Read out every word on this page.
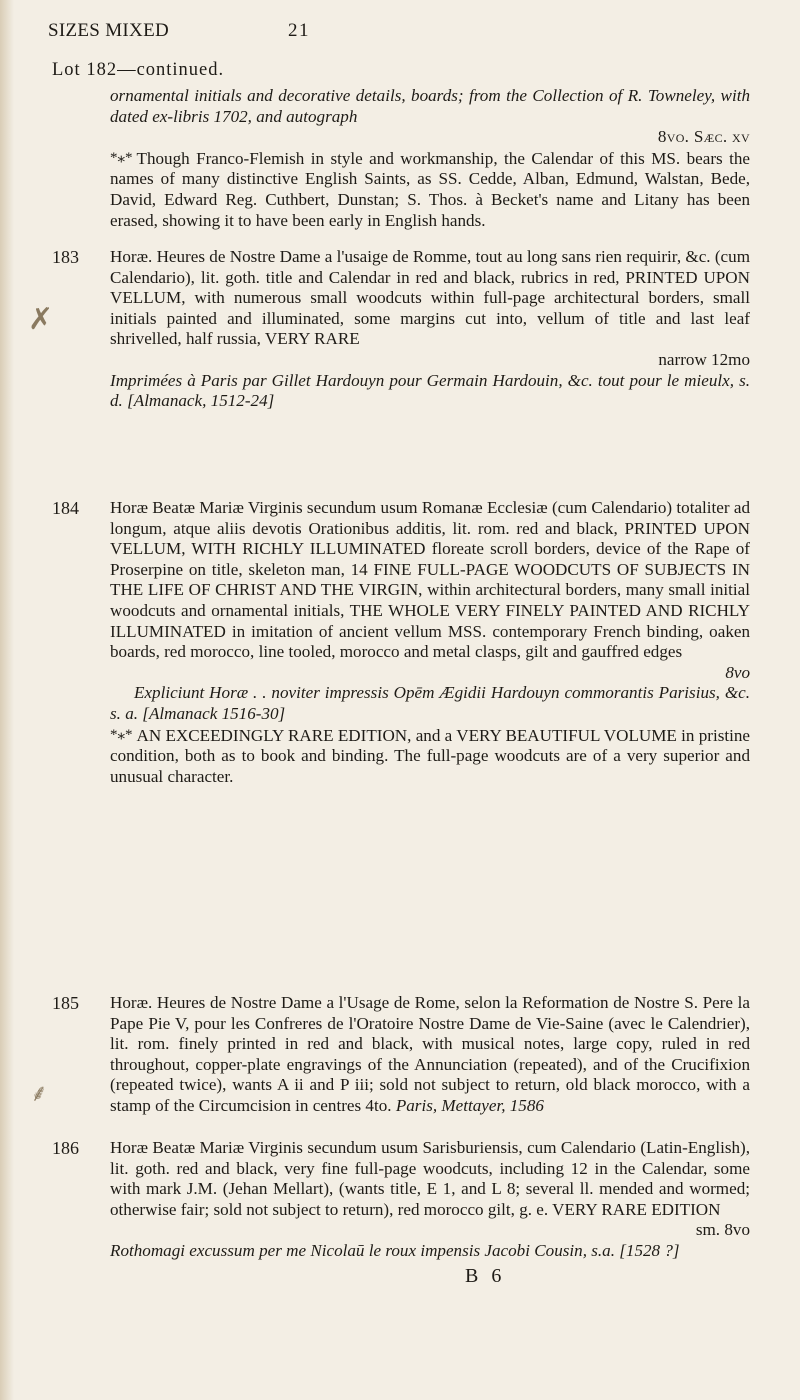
SIZES MIXED	21
Lot 182—continued.

ornamental initials and decorative details, boards; from the Collection of R. Towneley, with dated ex-libris 1702, and autograph

8vo. Sæc. xv

*⁎* Though Franco-Flemish in style and workmanship, the Calendar of this MS. bears the names of many distinctive English Saints, as SS. Cedde, Alban, Edmund, Walstan, Bede, David, Edward Reg. Cuthbert, Dunstan; S. Thos. à Becket's name and Litany has been erased, showing it to have been early in English hands.

183 Horæ. Heures de Nostre Dame a l'usaige de Romme, tout au long sans rien requirir, &c. (cum Calendario), lit. goth. title and Calendar in red and black, rubrics in red, PRINTED UPON VELLUM, with numerous small woodcuts within full-page architectural borders, small initials painted and illuminated, some margins cut into, vellum of title and last leaf shrivelled, half russia, VERY RARE

narrow 12mo

Imprimées à Paris par Gillet Hardouyn pour Germain Hardouin, &c. tout pour le mieulx, s. d. [Almanack, 1512-24]

184 Horæ Beatæ Mariæ Virginis secundum usum Romanæ Ecclesiæ (cum Calendario) totaliter ad longum, atque aliis devotis Orationibus additis, lit. rom. red and black, PRINTED UPON VELLUM, WITH RICHLY ILLUMINATED floreate scroll borders, device of the Rape of Proserpine on title, skeleton man, 14 FINE FULL-PAGE WOODCUTS OF SUBJECTS IN THE LIFE OF CHRIST AND THE VIRGIN, within architectural borders, many small initial woodcuts and ornamental initials, THE WHOLE VERY FINELY PAINTED AND RICHLY ILLUMINATED in imitation of ancient vellum MSS. contemporary French binding, oaken boards, red morocco, line tooled, morocco and metal clasps, gilt and gauffred edges

8vo

Expliciunt Horæ . . noviter impressis Opēm Ægidii Hardouyn commorantis Parisius, &c. s. a. [Almanack 1516-30]

*⁎* AN EXCEEDINGLY RARE EDITION, and a VERY BEAUTIFUL VOLUME in pristine condition, both as to book and binding. The full-page woodcuts are of a very superior and unusual character.

185 Horæ. Heures de Nostre Dame a l'Usage de Rome, selon la Reformation de Nostre S. Pere la Pape Pie V, pour les Confreres de l'Oratoire Nostre Dame de Vie-Saine (avec le Calendrier), lit. rom. finely printed in red and black, with musical notes, large copy, ruled in red throughout, copper-plate engravings of the Annunciation (repeated), and of the Crucifixion (repeated twice), wants A ii and P iii; sold not subject to return, old black morocco, with a stamp of the Circumcision in centres 4to. Paris, Mettayer, 1586

186 Horæ Beatæ Mariæ Virginis secundum usum Sarisburiensis, cum Calendario (Latin-English), lit. goth. red and black, very fine full-page woodcuts, including 12 in the Calendar, some with mark J.M. (Jehan Mellart), (wants title, E 1, and L 8; several ll. mended and wormed; otherwise fair; sold not subject to return), red morocco gilt, g. e. VERY RARE EDITION

sm. 8vo

Rothomagi excussum per me Nicolaū le roux impensis Jacobi Cousin, s.a. [1528 ?]

✗
⸙
B 6
